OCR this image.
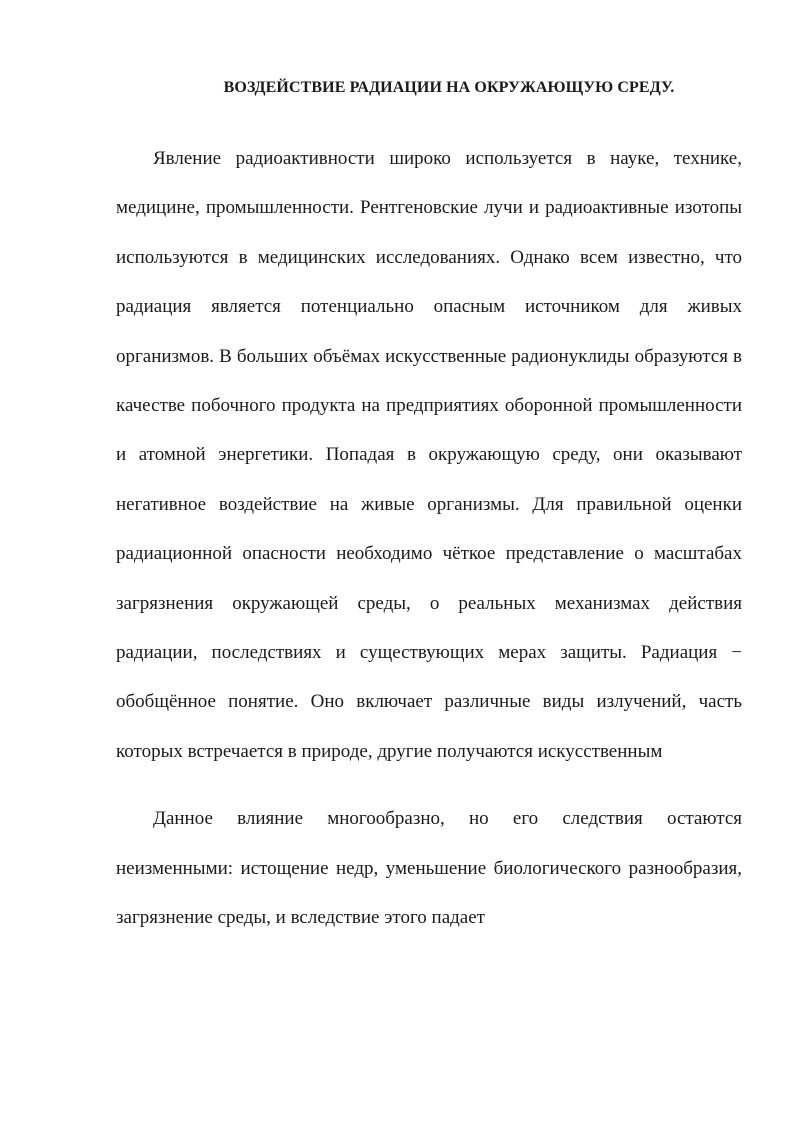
ВОЗДЕЙСТВИЕ РАДИАЦИИ НА ОКРУЖАЮЩУЮ СРЕДУ.

Явление радиоактивности широко используется в науке, технике, медицине, промышленности. Рентгеновские лучи и радиоактивные изотопы используются в медицинских исследованиях. Однако всем известно, что радиация является потенциально опасным источником для живых организмов. В больших объёмах искусственные радионуклиды образуются в качестве побочного продукта на предприятиях оборонной промышленности и атомной энергетики. Попадая в окружающую среду, они оказывают негативное воздействие на живые организмы. Для правильной оценки радиационной опасности необходимо чёткое представление о масштабах загрязнения окружающей среды, о реальных механизмах действия радиации, последствиях и существующих мерах защиты. Радиация − обобщённое понятие. Оно включает различные виды излучений, часть которых встречается в природе, другие получаются искусственным

Данное влияние многообразно, но его следствия остаются неизменными: истощение недр, уменьшение биологического разнообразия, загрязнение среды, и вследствие этого падает
